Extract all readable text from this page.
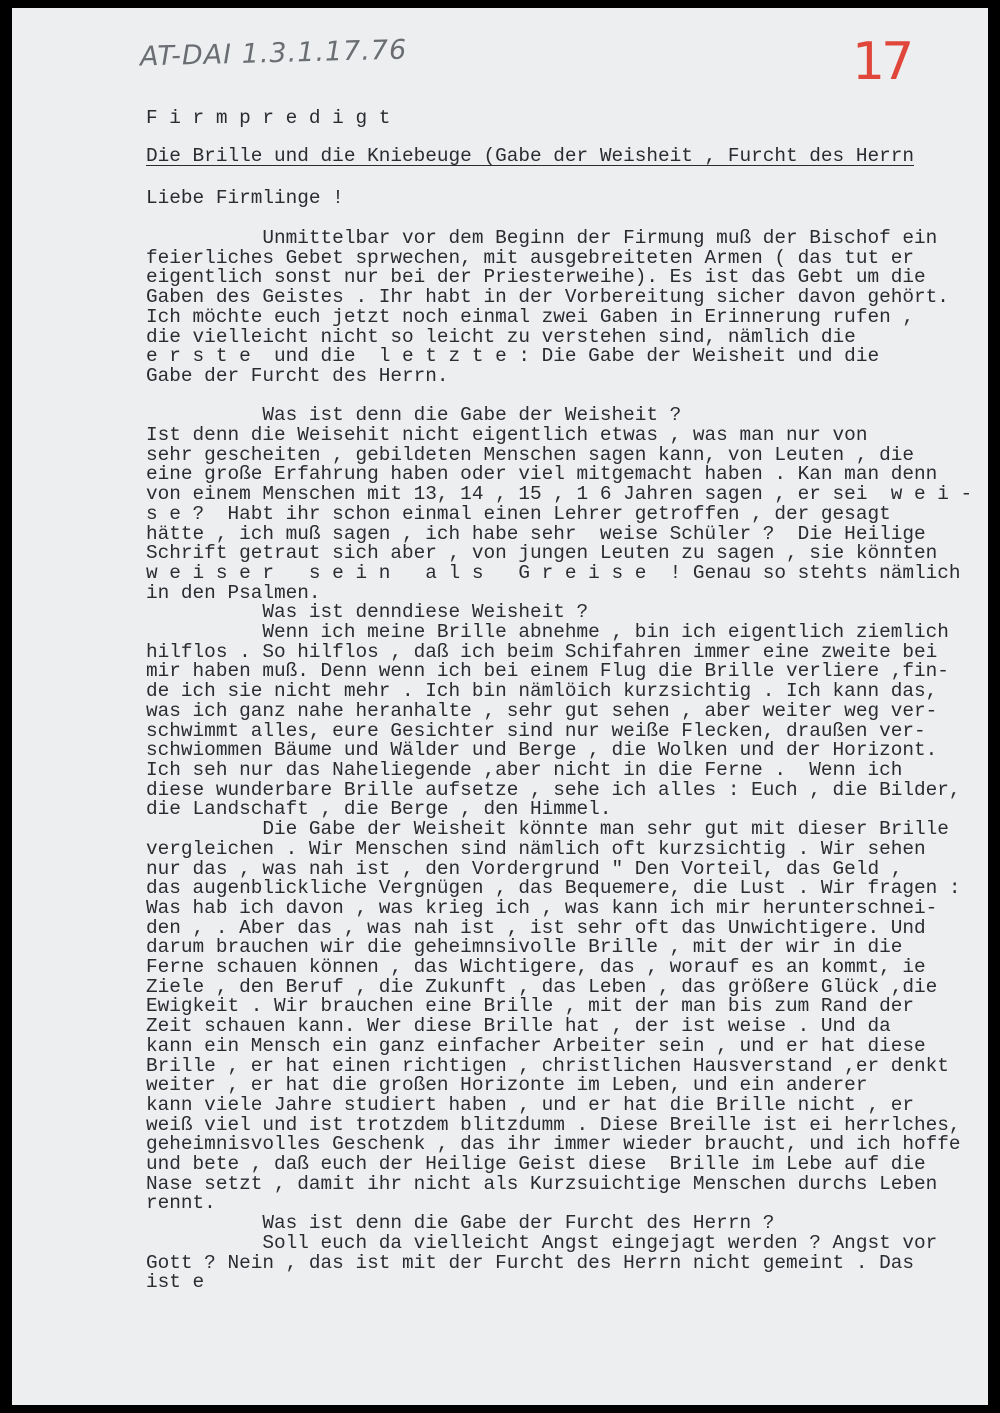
AT-DAI 1.3.1.17.76	17
F i r m p r e d i g t
Die Brille und die Kniebeuge (Gabe der Weisheit , Furcht des Herrn
Liebe Firmlinge !
Unmittelbar vor dem Beginn der Firmung muß der Bischof ein
feierliches Gebet sprwechen, mit ausgebreiteten Armen ( das tut er
eigentlich sonst nur bei der Priesterweihe). Es ist das Gebt um die
Gaben des Geistes . Ihr habt in der Vorbereitung sicher davon gehört.
Ich möchte euch jetzt noch einmal zwei Gaben in Erinnerung rufen ,
die vielleicht nicht so leicht zu verstehen sind, nämlich die
e r s t e  und die  l e t z t e : Die Gabe der Weisheit und die
Gabe der Furcht des Herrn.

Was ist denn die Gabe der Weisheit ?
Ist denn die Weisehit nicht eigentlich etwas , was man nur von
sehr gescheiten , gebildeten Menschen sagen kann, von Leuten , die
eine große Erfahrung haben oder viel mitgemacht haben . Kan man denn
von einem Menschen mit 13, 14 , 15 , 1 6 Jahren sagen , er sei  w e i -
s e ?  Habt ihr schon einmal einen Lehrer getroffen , der gesagt
hätte , ich muß sagen , ich habe sehr  weise Schüler ?  Die Heilige
Schrift getraut sich aber , von jungen Leuten zu sagen , sie könnten
w e i s e r   s e i n   a l s   G r e i s e  ! Genau so stehts nämlich
in den Psalmen.
Was ist denndiese Weisheit ?
Wenn ich meine Brille abnehme , bin ich eigentlich ziemlich
hilflos . So hilflos , daß ich beim Schifahren immer eine zweite bei
mir haben muß. Denn wenn ich bei einem Flug die Brille verliere ,fin-
de ich sie nicht mehr . Ich bin nämlöich kurzsichtig . Ich kann das,
was ich ganz nahe heranhalte , sehr gut sehen , aber weiter weg ver-
schwimmt alles, eure Gesichter sind nur weiße Flecken, draußen ver-
schwiommen Bäume und Wälder und Berge , die Wolken und der Horizont.
Ich seh nur das Naheliegende ,aber nicht in die Ferne .  Wenn ich
diese wunderbare Brille aufsetze , sehe ich alles : Euch , die Bilder,
die Landschaft , die Berge , den Himmel.
Die Gabe der Weisheit könnte man sehr gut mit dieser Brille
vergleichen . Wir Menschen sind nämlich oft kurzsichtig . Wir sehen
nur das , was nah ist , den Vordergrund " Den Vorteil, das Geld ,
das augenblickliche Vergnügen , das Bequemere, die Lust . Wir fragen :
Was hab ich davon , was krieg ich , was kann ich mir herunterschnei-
den , . Aber das , was nah ist , ist sehr oft das Unwichtigere. Und
darum brauchen wir die geheimnsivolle Brille , mit der wir in die
Ferne schauen können , das Wichtigere, das , worauf es an kommt, ie
Ziele , den Beruf , die Zukunft , das Leben , das größere Glück ,die
Ewigkeit . Wir brauchen eine Brille , mit der man bis zum Rand der
Zeit schauen kann. Wer diese Brille hat , der ist weise . Und da
kann ein Mensch ein ganz einfacher Arbeiter sein , und er hat diese
Brille , er hat einen richtigen , christlichen Hausverstand ,er denkt
weiter , er hat die großen Horizonte im Leben, und ein anderer
kann viele Jahre studiert haben , und er hat die Brille nicht , er
weiß viel und ist trotzdem blitzdumm . Diese Breille ist ei herrlches,
geheimnisvolles Geschenk , das ihr immer wieder braucht, und ich hoffe
und bete , daß euch der Heilige Geist diese  Brille im Lebe auf die
Nase setzt , damit ihr nicht als Kurzsuichtige Menschen durchs Leben
rennt.
Was ist denn die Gabe der Furcht des Herrn ?
Soll euch da vielleicht Angst eingejagt werden ? Angst vor
Gott ? Nein , das ist mit der Furcht des Herrn nicht gemeint . Das
ist e
